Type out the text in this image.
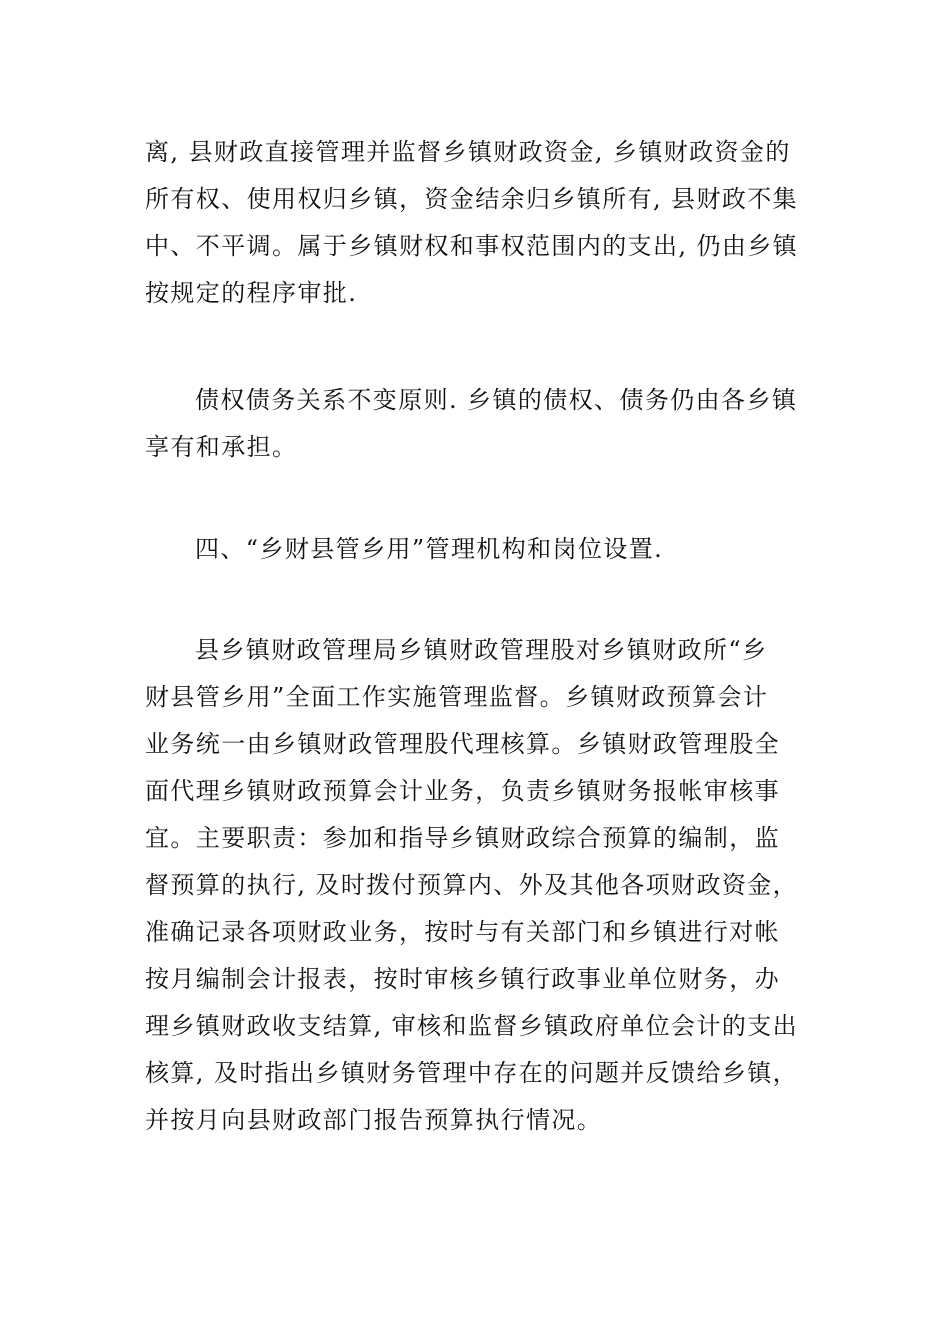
离, 县财政直接管理并监督乡镇财政资金, 乡镇财政资金的
所有权、使用权归乡镇，资金结余归乡镇所有, 县财政不集
中、不平调。属于乡镇财权和事权范围内的支出, 仍由乡镇
按规定的程序审批.
债权债务关系不变原则. 乡镇的债权、债务仍由各乡镇
享有和承担。
四、“乡财县管乡用”管理机构和岗位设置.
县乡镇财政管理局乡镇财政管理股对乡镇财政所“乡
财县管乡用”全面工作实施管理监督。乡镇财政预算会计
业务统一由乡镇财政管理股代理核算。乡镇财政管理股全
面代理乡镇财政预算会计业务，负责乡镇财务报帐审核事
宜。主要职责：参加和指导乡镇财政综合预算的编制，监
督预算的执行, 及时拨付预算内、外及其他各项财政资金，
准确记录各项财政业务，按时与有关部门和乡镇进行对帐
按月编制会计报表，按时审核乡镇行政事业单位财务，办
理乡镇财政收支结算, 审核和监督乡镇政府单位会计的支出
核算, 及时指出乡镇财务管理中存在的问题并反馈给乡镇，
并按月向县财政部门报告预算执行情况。
